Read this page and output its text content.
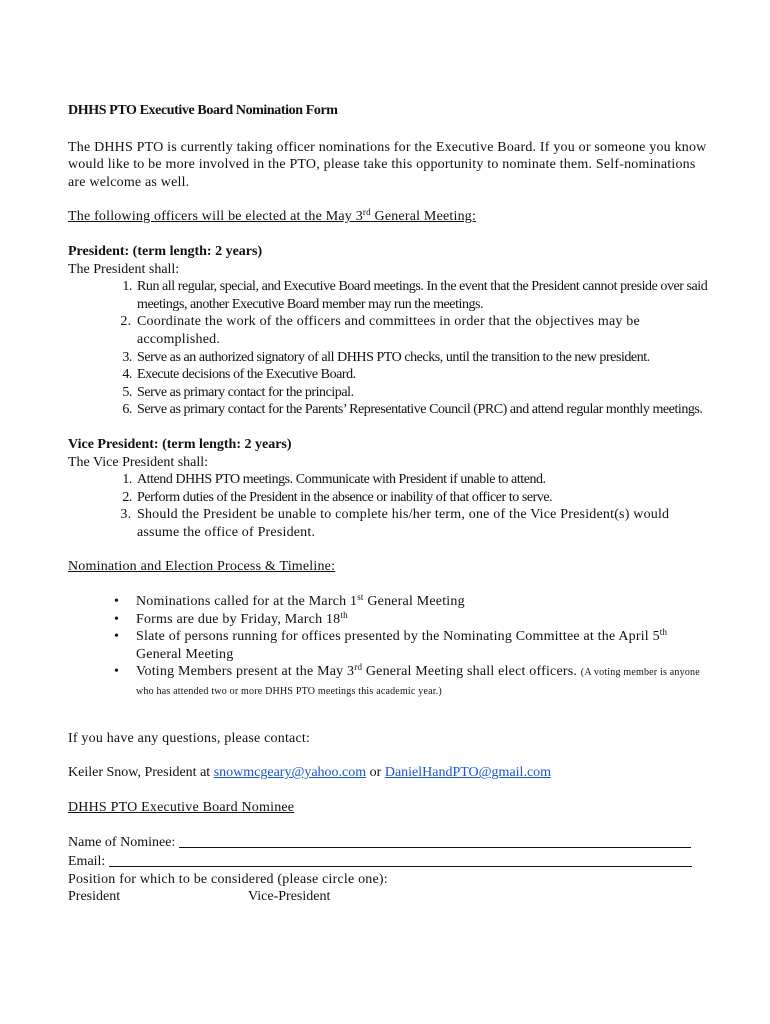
DHHS PTO Executive Board Nomination Form

The DHHS PTO is currently taking officer nominations for the Executive Board. If you or someone you know would like to be more involved in the PTO, please take this opportunity to nominate them. Self-nominations are welcome as well.

The following officers will be elected at the May 3rd General Meeting:

President: (term length: 2 years)

The President shall:

1. Run all regular, special, and Executive Board meetings. In the event that the President cannot preside over said meetings, another Executive Board member may run the meetings.
2. Coordinate the work of the officers and committees in order that the objectives may be accomplished.
3. Serve as an authorized signatory of all DHHS PTO checks, until the transition to the new president.
4. Execute decisions of the Executive Board.
5. Serve as primary contact for the principal.
6. Serve as primary contact for the Parents’ Representative Council (PRC) and attend regular monthly meetings.

Vice President: (term length: 2 years)

The Vice President shall:

1. Attend DHHS PTO meetings. Communicate with President if unable to attend.
2. Perform duties of the President in the absence or inability of that officer to serve.
3. Should the President be unable to complete his/her term, one of the Vice President(s) would assume the office of President.

Nomination and Election Process & Timeline:

• Nominations called for at the March 1st General Meeting
• Forms are due by Friday, March 18th
• Slate of persons running for offices presented by the Nominating Committee at the April 5th General Meeting
• Voting Members present at the May 3rd General Meeting shall elect officers. (A voting member is anyone who has attended two or more DHHS PTO meetings this academic year.)

If you have any questions, please contact:

Keiler Snow, President at snowmcgeary@yahoo.com or DanielHandPTO@gmail.com

DHHS PTO Executive Board Nominee

Name of Nominee:

Email:

Position for which to be considered (please circle one):

President	Vice-President
